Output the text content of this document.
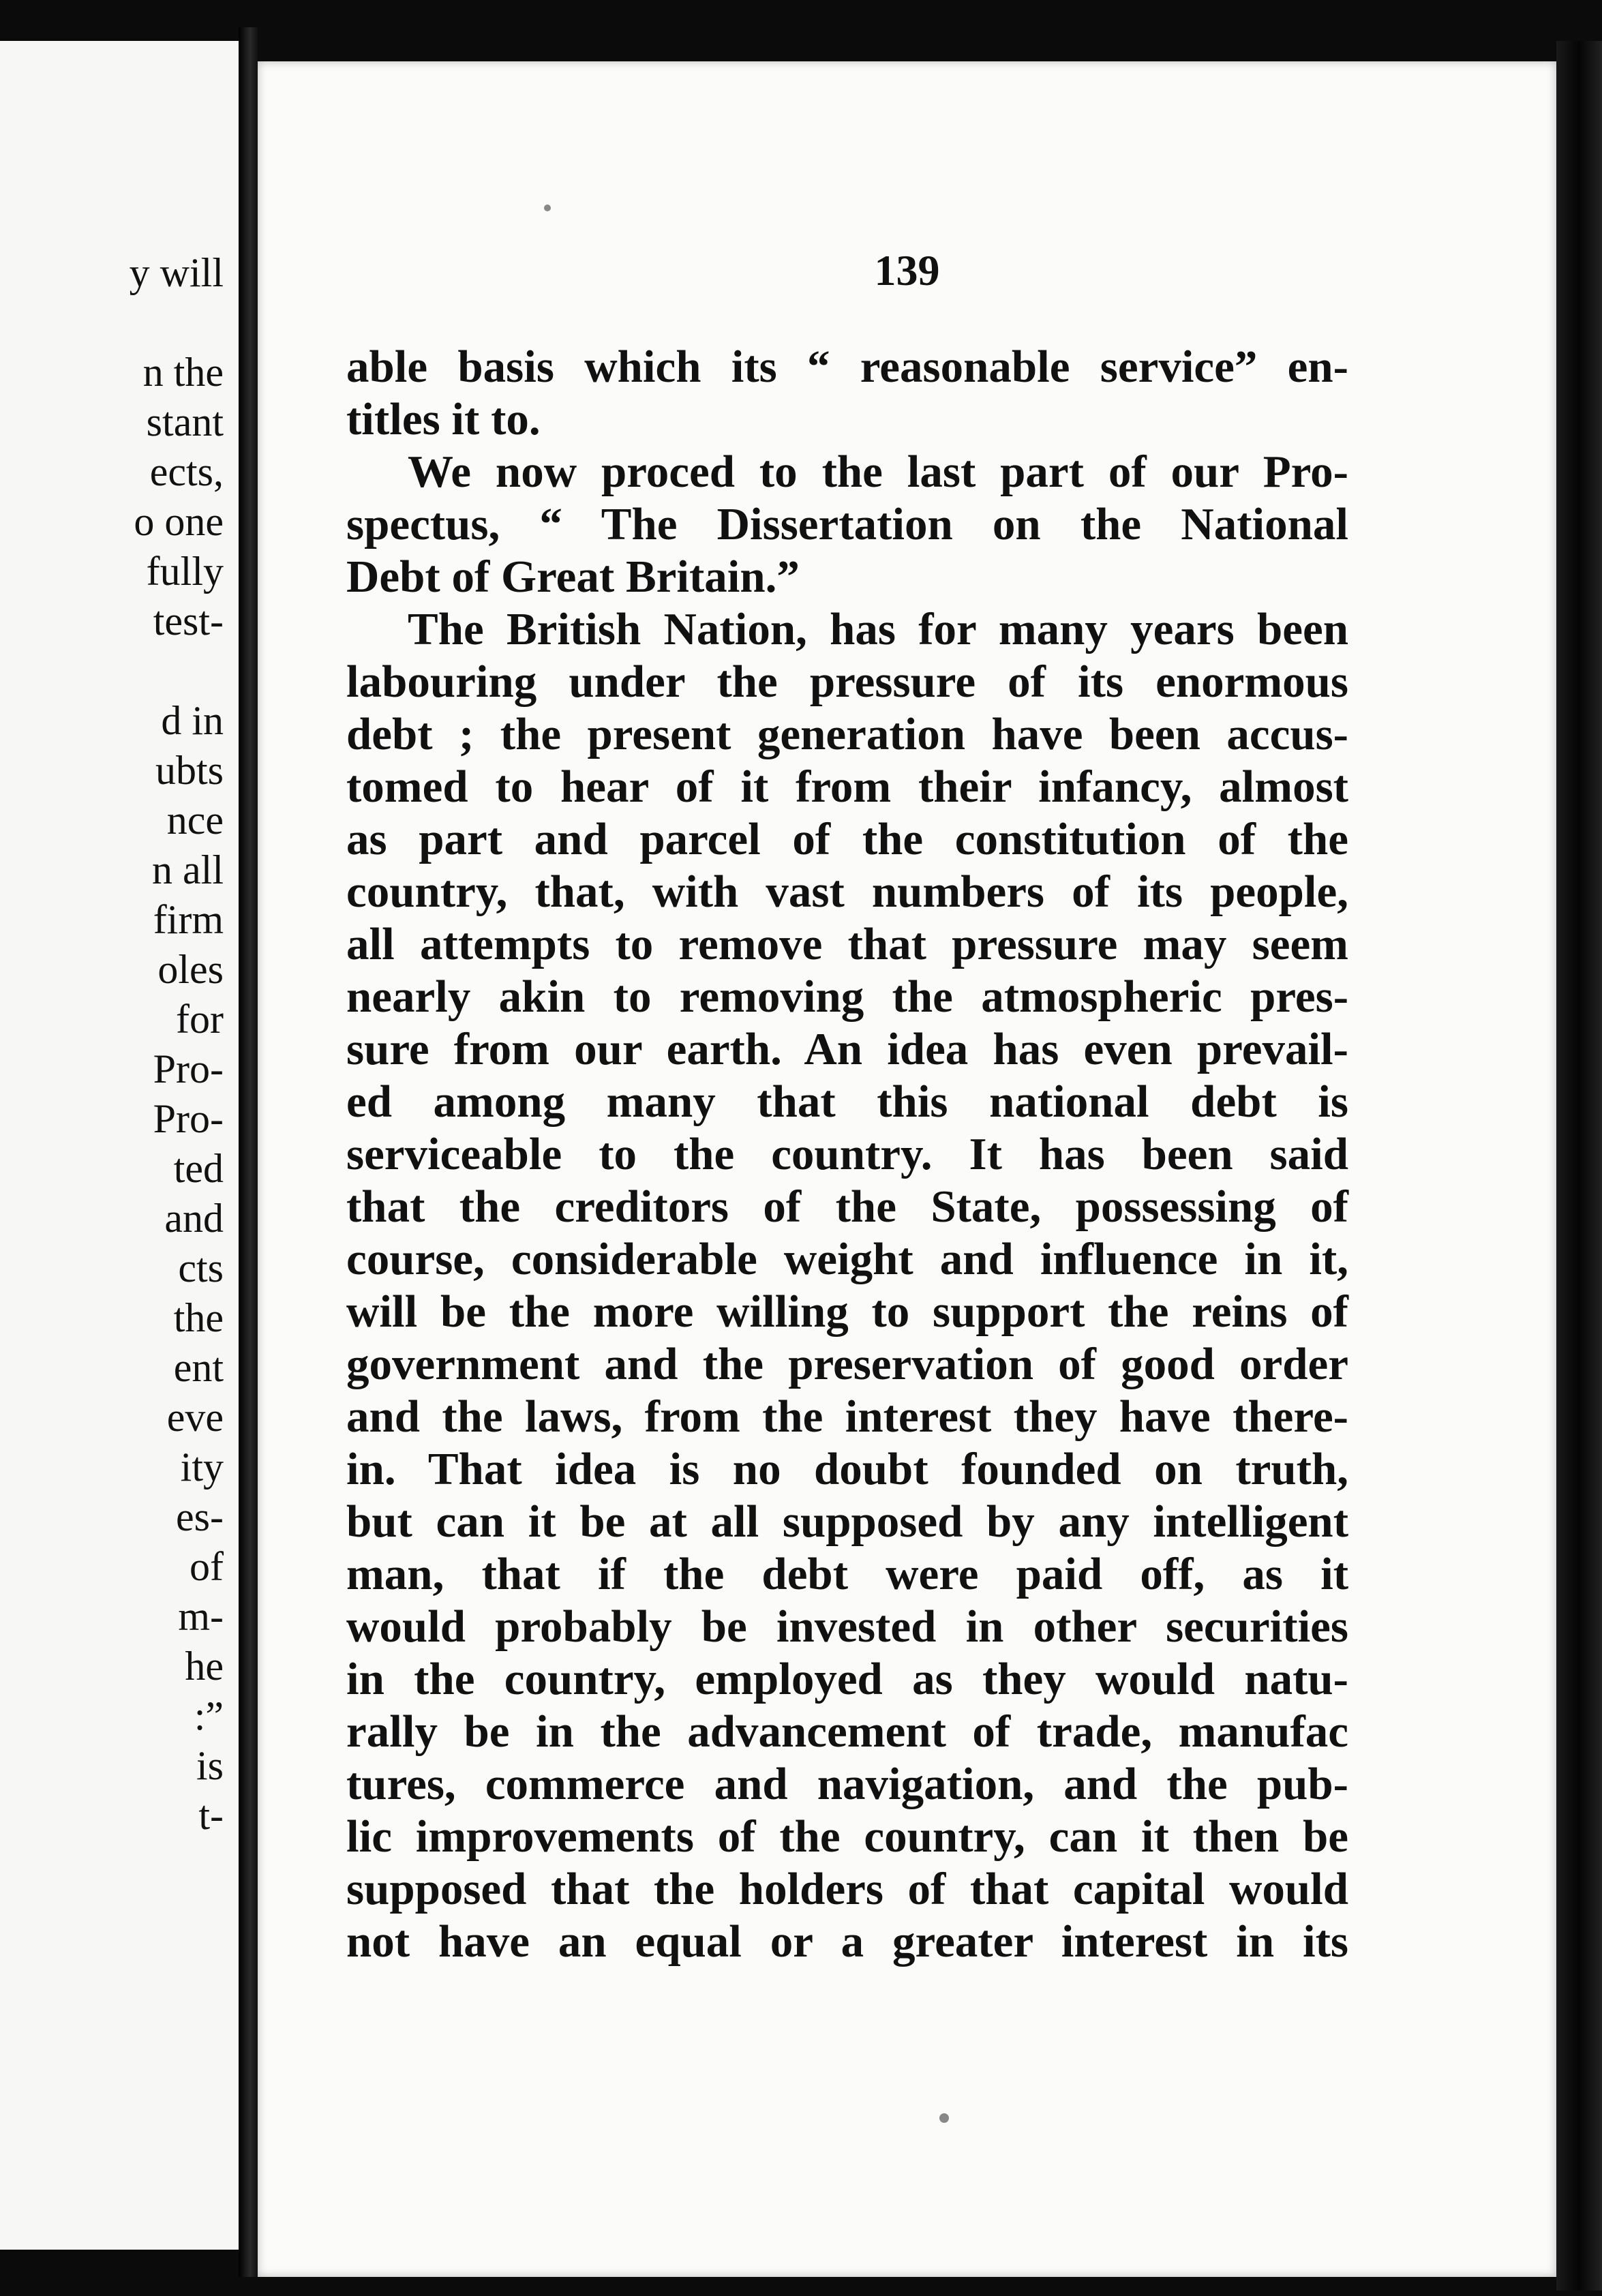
y will
n the
stant
ects,
o one
fully
test-
d in
ubts
nce
n all
firm
oles
for
Pro-
Pro-
ted
and
cts
the
ent
eve
ity
es-
of
m-
he
:”
is
t-
139
able basis which its “ reasonable service” en-
titles it to.
We now proced to the last part of our Pro-
spectus, “ The Dissertation on the National
Debt of Great Britain.”
The British Nation, has for many years been
labouring under the pressure of its enormous
debt ; the present generation have been accus-
tomed to hear of it from their infancy, almost
as part and parcel of the constitution of the
country, that, with vast numbers of its people,
all attempts to remove that pressure may seem
nearly akin to removing the atmospheric pres-
sure from our earth. An idea has even prevail-
ed among many that this national debt is
serviceable to the country. It has been said
that the creditors of the State, possessing of
course, considerable weight and influence in it,
will be the more willing to support the reins of
government and the preservation of good order
and the laws, from the interest they have there-
in. That idea is no doubt founded on truth,
but can it be at all supposed by any intelligent
man, that if the debt were paid off, as it
would probably be invested in other securities
in the country, employed as they would natu-
rally be in the advancement of trade, manufac
tures, commerce and navigation, and the pub-
lic improvements of the country, can it then be
supposed that the holders of that capital would
not have an equal or a greater interest in its
